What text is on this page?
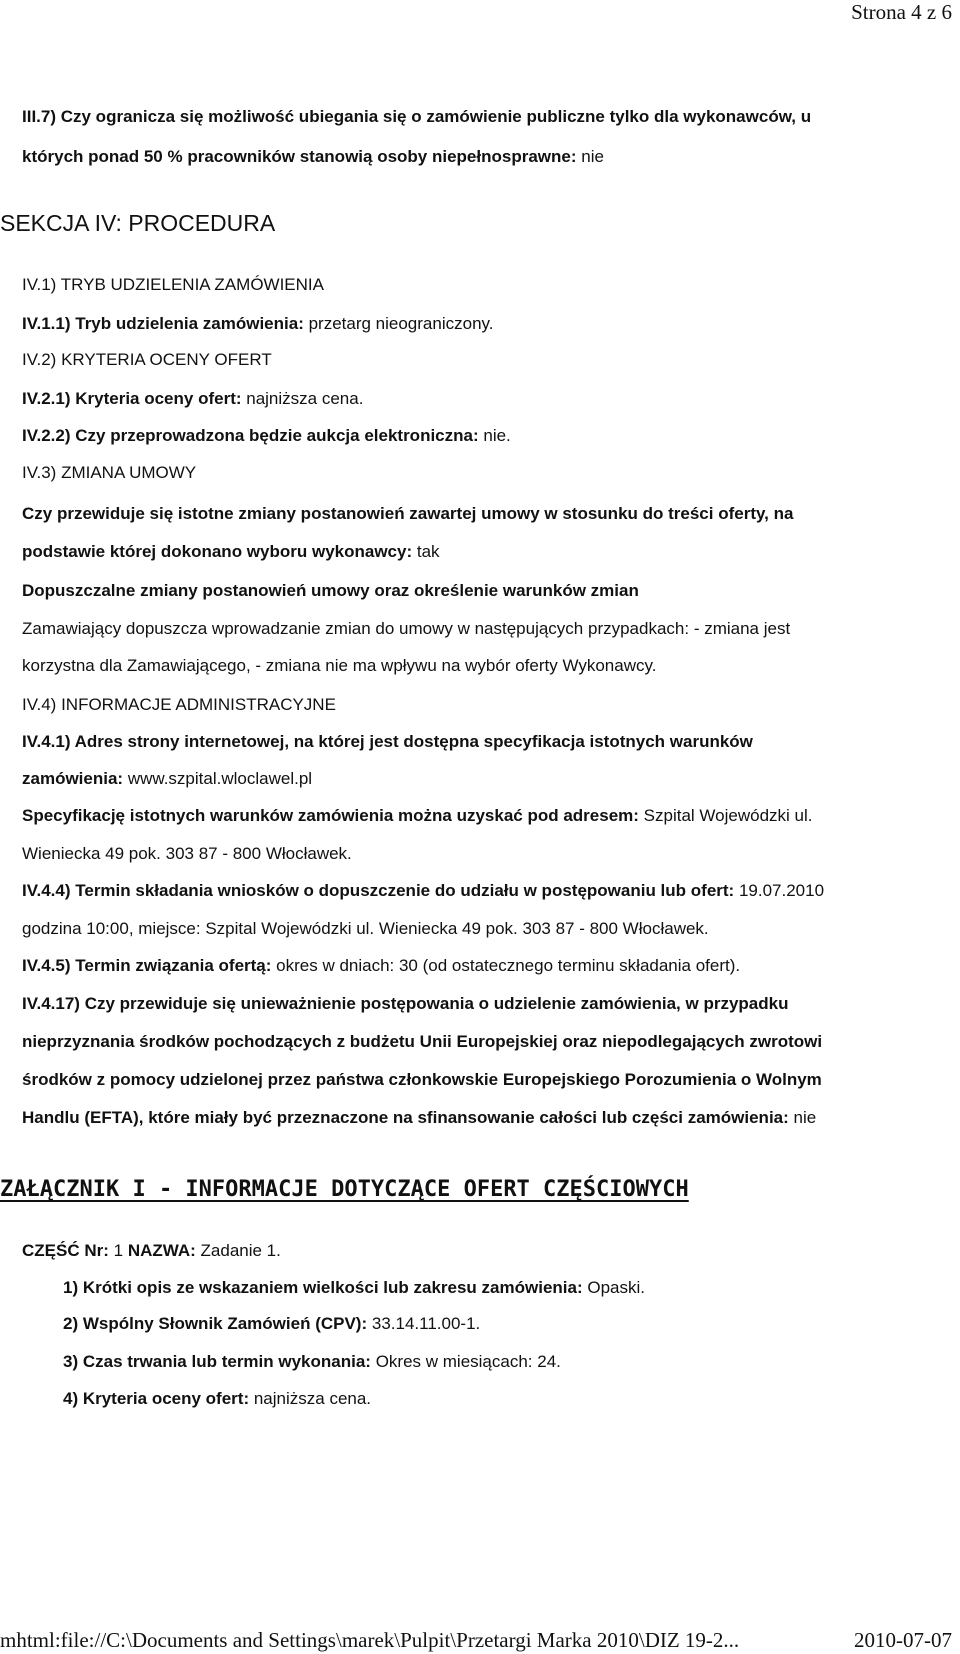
Strona 4 z 6
III.7) Czy ogranicza się możliwość ubiegania się o zamówienie publiczne tylko dla wykonawców, u
których ponad 50 % pracowników stanowią osoby niepełnosprawne: nie
SEKCJA IV: PROCEDURA
IV.1) TRYB UDZIELENIA ZAMÓWIENIA
IV.1.1) Tryb udzielenia zamówienia: przetarg nieograniczony.
IV.2) KRYTERIA OCENY OFERT
IV.2.1) Kryteria oceny ofert: najniższa cena.
IV.2.2) Czy przeprowadzona będzie aukcja elektroniczna: nie.
IV.3) ZMIANA UMOWY
Czy przewiduje się istotne zmiany postanowień zawartej umowy w stosunku do treści oferty, na
podstawie której dokonano wyboru wykonawcy: tak
Dopuszczalne zmiany postanowień umowy oraz określenie warunków zmian
Zamawiający dopuszcza wprowadzanie zmian do umowy w następujących przypadkach: - zmiana jest
korzystna dla Zamawiającego, - zmiana nie ma wpływu na wybór oferty Wykonawcy.
IV.4) INFORMACJE ADMINISTRACYJNE
IV.4.1) Adres strony internetowej, na której jest dostępna specyfikacja istotnych warunków
zamówienia: www.szpital.wloclawel.pl
Specyfikację istotnych warunków zamówienia można uzyskać pod adresem: Szpital Wojewódzki ul.
Wieniecka 49 pok. 303 87 - 800 Włocławek.
IV.4.4) Termin składania wniosków o dopuszczenie do udziału w postępowaniu lub ofert: 19.07.2010
godzina 10:00, miejsce: Szpital Wojewódzki ul. Wieniecka 49 pok. 303 87 - 800 Włocławek.
IV.4.5) Termin związania ofertą: okres w dniach: 30 (od ostatecznego terminu składania ofert).
IV.4.17) Czy przewiduje się unieważnienie postępowania o udzielenie zamówienia, w przypadku
nieprzyznania środków pochodzących z budżetu Unii Europejskiej oraz niepodlegających zwrotowi
środków z pomocy udzielonej przez państwa członkowskie Europejskiego Porozumienia o Wolnym
Handlu (EFTA), które miały być przeznaczone na sfinansowanie całości lub części zamówienia: nie
ZAŁĄCZNIK I - INFORMACJE DOTYCZĄCE OFERT CZĘŚCIOWYCH
CZĘŚĆ Nr: 1 NAZWA: Zadanie 1.
1) Krótki opis ze wskazaniem wielkości lub zakresu zamówienia: Opaski.
2) Wspólny Słownik Zamówień (CPV): 33.14.11.00-1.
3) Czas trwania lub termin wykonania: Okres w miesiącach: 24.
4) Kryteria oceny ofert: najniższa cena.
mhtml:file://C:\Documents and Settings\marek\Pulpit\Przetargi Marka 2010\DIZ 19-2...	2010-07-07
